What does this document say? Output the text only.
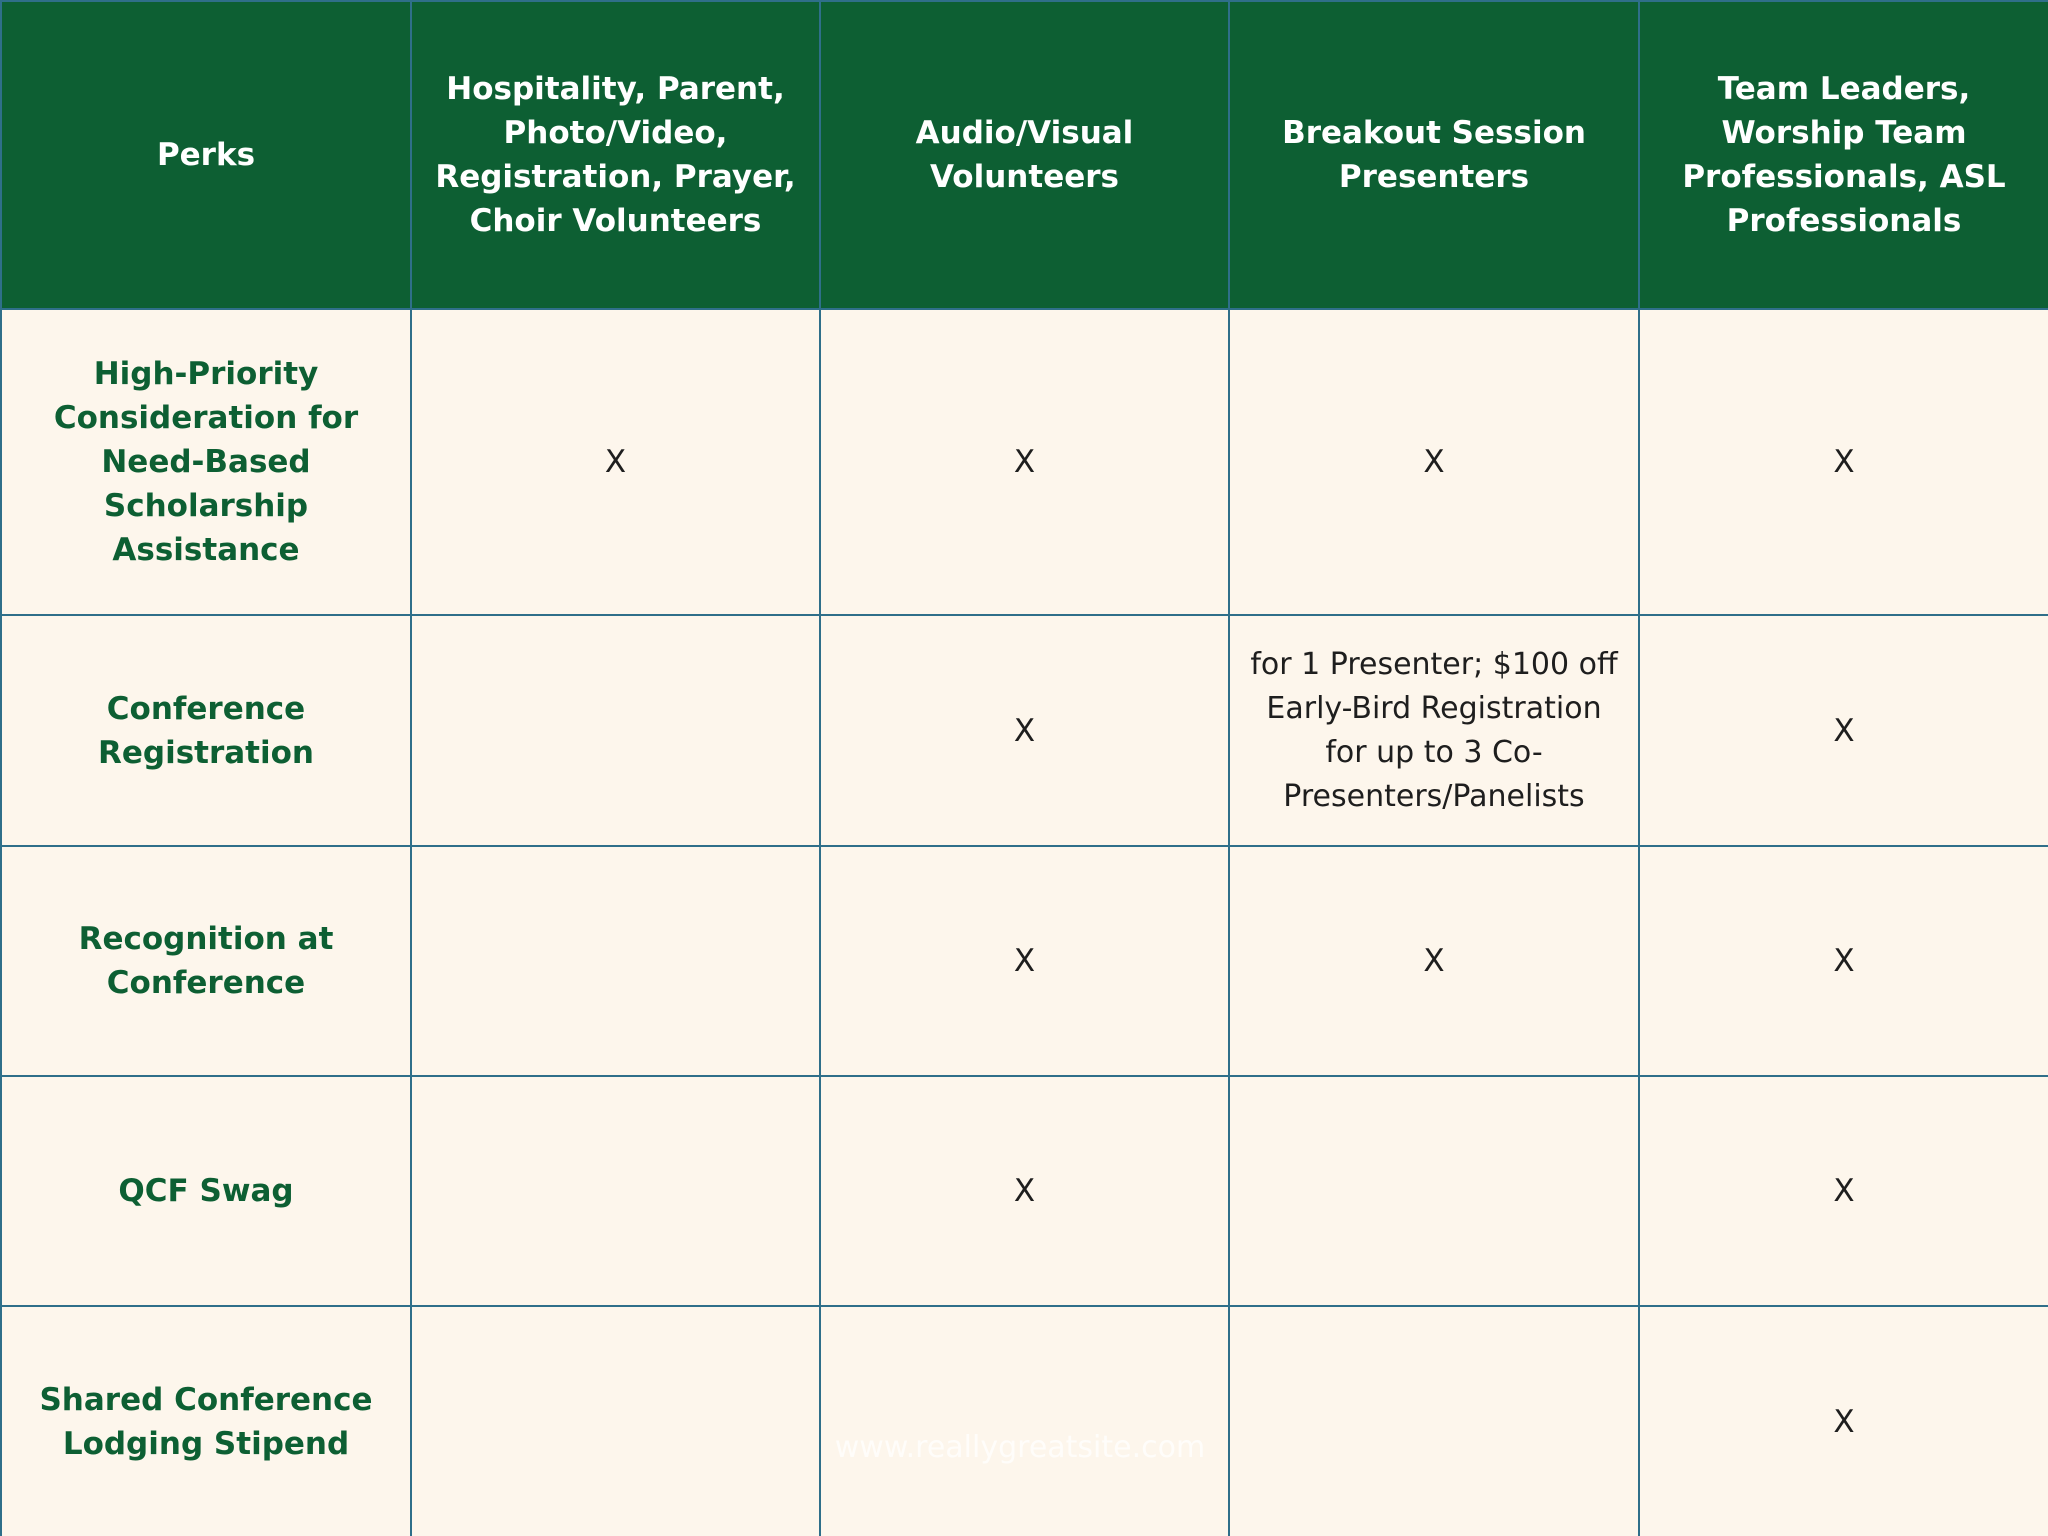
Perks	Hospitality, Parent, Photo/Video, Registration, Prayer, Choir Volunteers	Audio/Visual Volunteers	Breakout Session Presenters	Team Leaders, Worship Team Professionals, ASL Professionals
High-Priority Consideration for Need-Based Scholarship Assistance	X	X	X	X
Conference Registration		X	for 1 Presenter; $100 off Early-Bird Registration for up to 3 Co-Presenters/Panelists	X
Recognition at Conference		X	X	X
QCF Swag		X		X
Shared Conference Lodging Stipend				X
www.reallygreatsite.com
